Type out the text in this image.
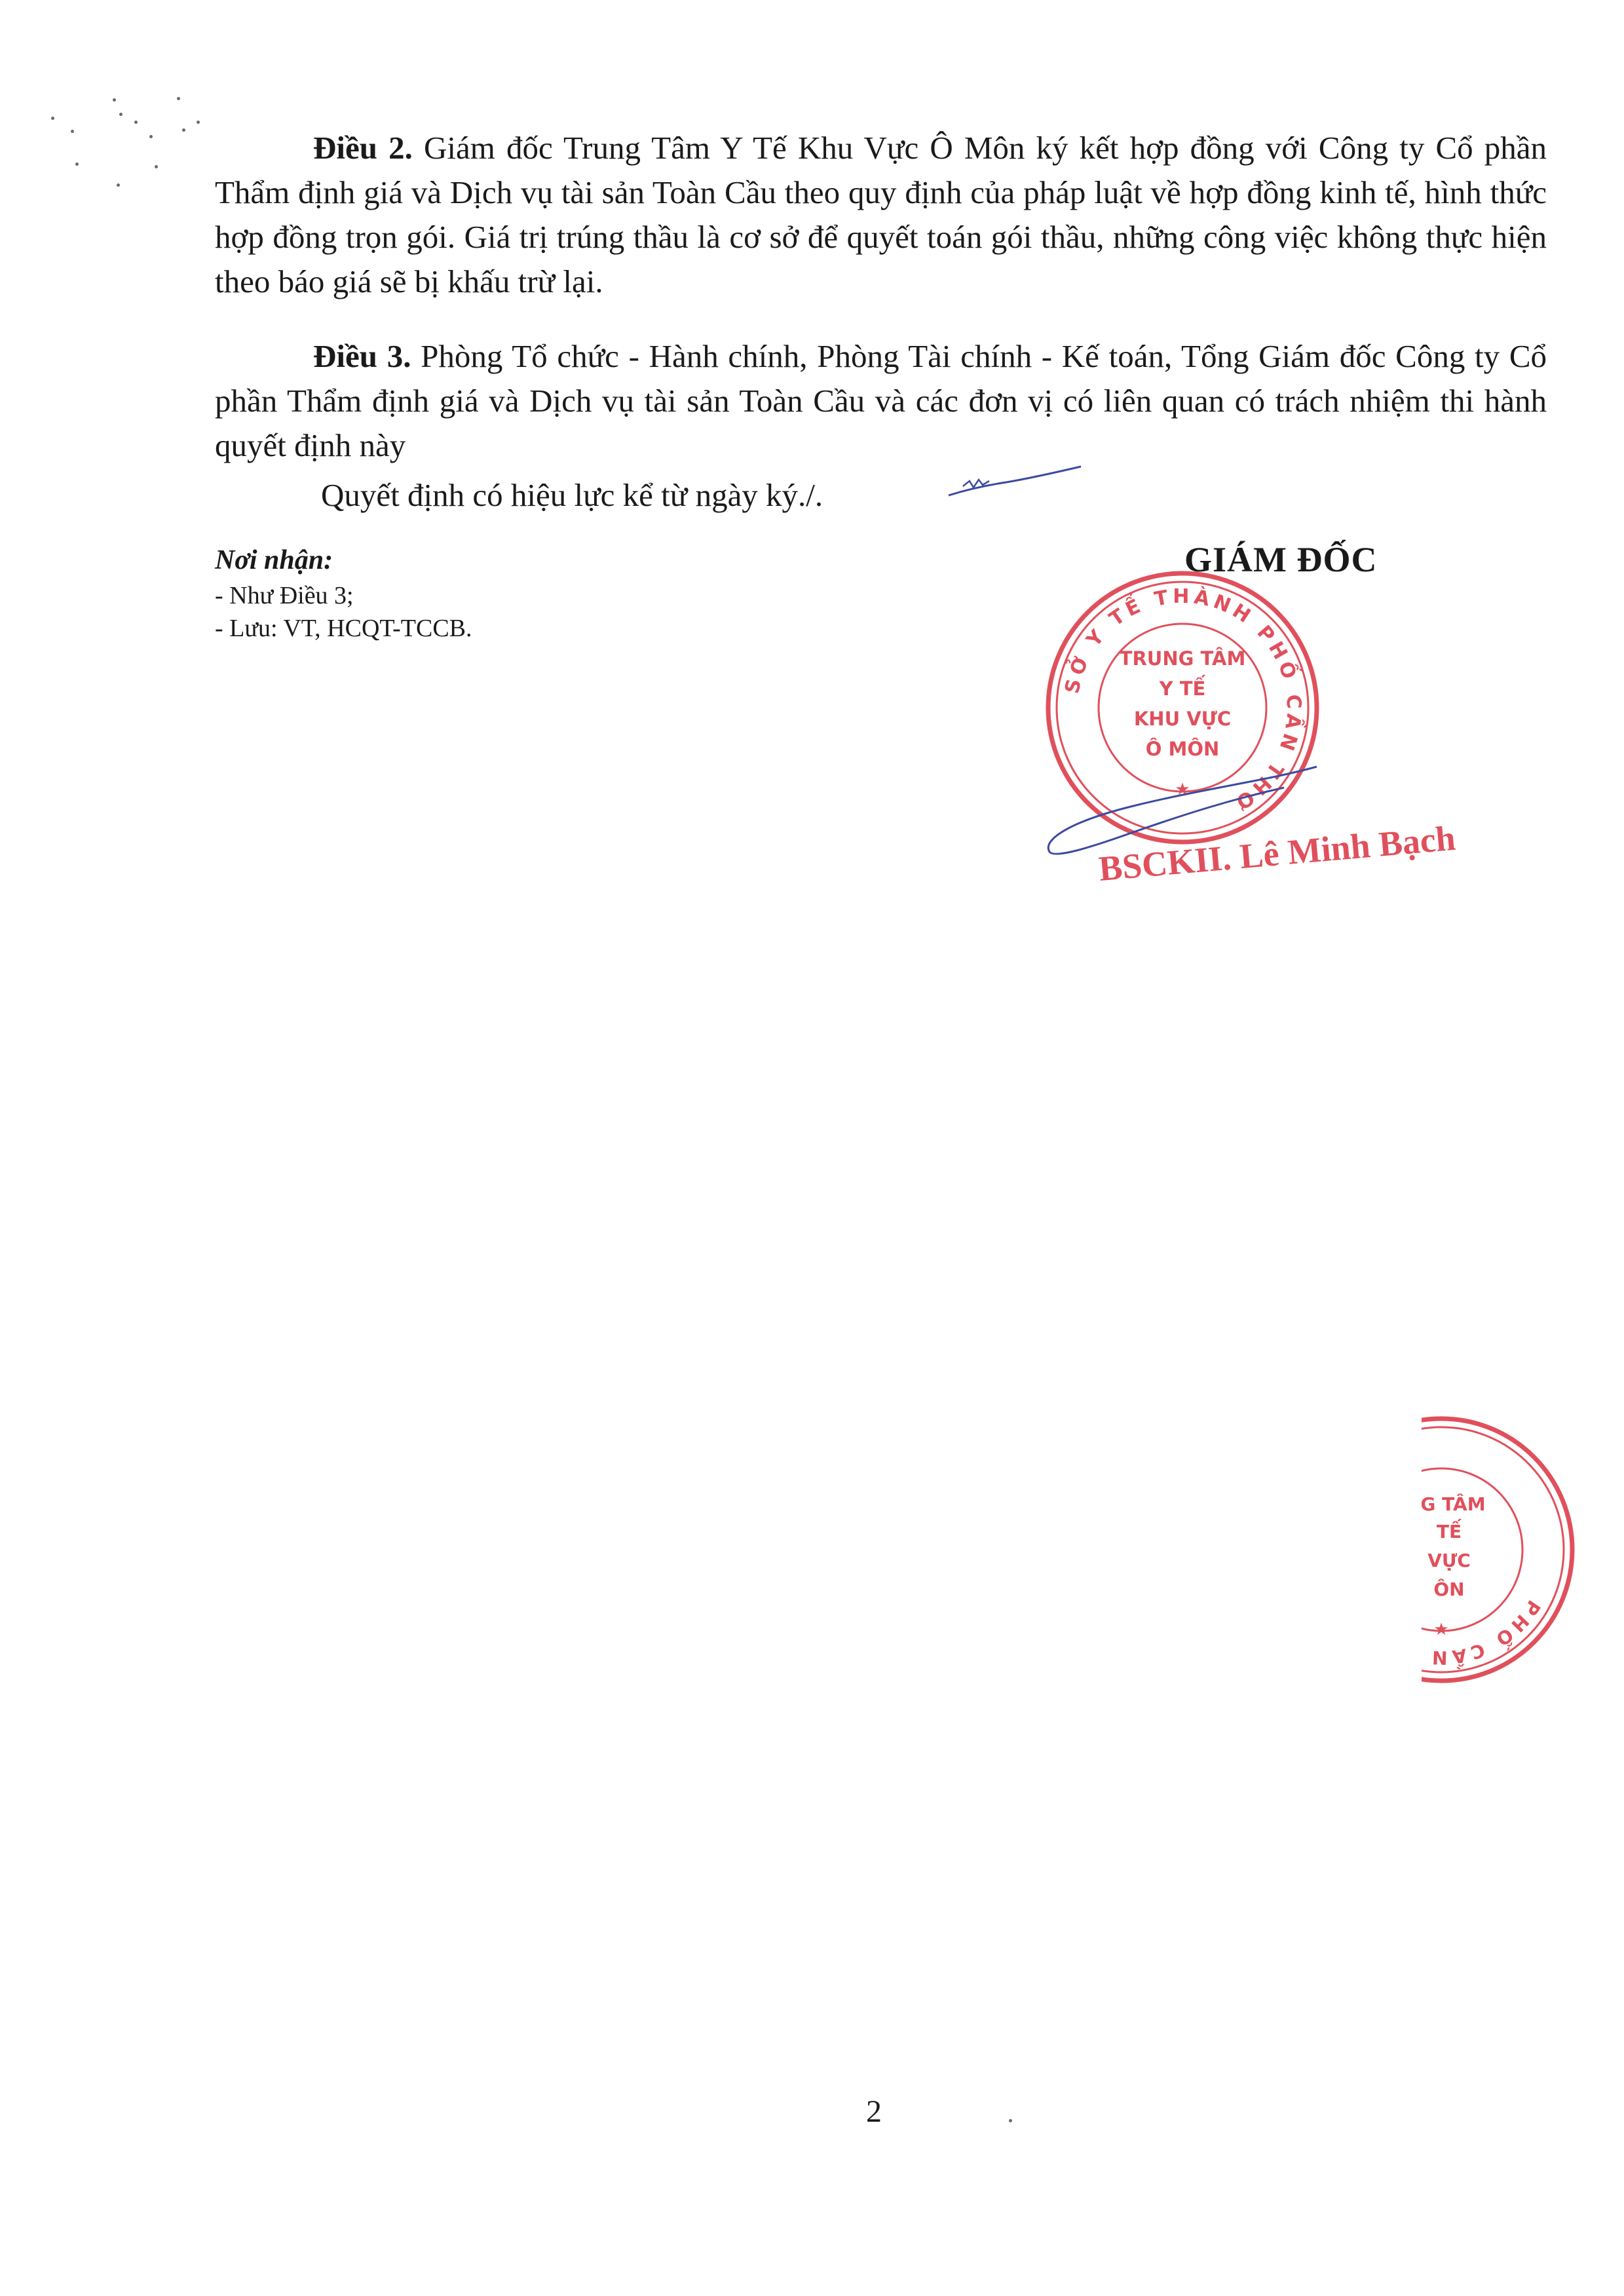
Điều 2. Giám đốc Trung Tâm Y Tế Khu Vực Ô Môn ký kết hợp đồng với Công ty Cổ phần Thẩm định giá và Dịch vụ tài sản Toàn Cầu theo quy định của pháp luật về hợp đồng kinh tế, hình thức hợp đồng trọn gói. Giá trị trúng thầu là cơ sở để quyết toán gói thầu, những công việc không thực hiện theo báo giá sẽ bị khấu trừ lại.

Điều 3. Phòng Tổ chức - Hành chính, Phòng Tài chính - Kế toán, Tổng Giám đốc Công ty Cổ phần Thẩm định giá và Dịch vụ tài sản Toàn Cầu và các đơn vị có liên quan có trách nhiệm thi hành quyết định này

Quyết định có hiệu lực kể từ ngày ký./.
Nơi nhận:
- Như Điều 3;
- Lưu: VT, HCQT-TCCB.
GIÁM ĐỐC
SỞ Y TẾ THÀNH PHỐ CẦN THƠ
★
TRUNG TÂM
Y TẾ
KHU VỰC
Ô MÔN
BSCKII. Lê Minh Bạch
PHỐ CẦN THƠ	★
G TÂM
TẾ
VỰC
ÔN
2
